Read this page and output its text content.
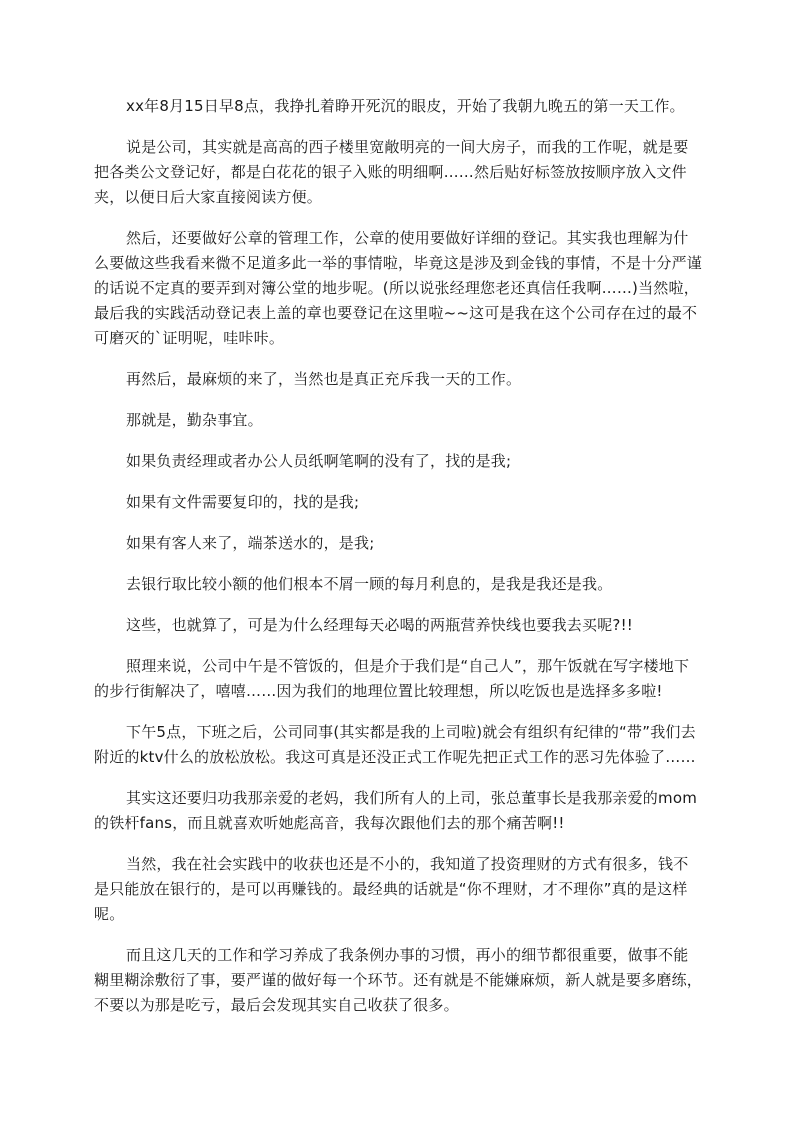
xx年8月15日早8点，我挣扎着睁开死沉的眼皮，开始了我朝九晚五的第一天工作。

说是公司，其实就是高高的西子楼里宽敞明亮的一间大房子，而我的工作呢，就是要把各类公文登记好，都是白花花的银子入账的明细啊……然后贴好标签放按顺序放入文件夹，以便日后大家直接阅读方便。

然后，还要做好公章的管理工作，公章的使用要做好详细的登记。其实我也理解为什么要做这些我看来微不足道多此一举的事情啦，毕竟这是涉及到金钱的事情，不是十分严谨的话说不定真的要弄到对簿公堂的地步呢。(所以说张经理您老还真信任我啊……)当然啦，最后我的实践活动登记表上盖的章也要登记在这里啦~~这可是我在这个公司存在过的最不可磨灭的`证明呢，哇咔咔。

再然后，最麻烦的来了，当然也是真正充斥我一天的工作。

那就是，勤杂事宜。

如果负责经理或者办公人员纸啊笔啊的没有了，找的是我;

如果有文件需要复印的，找的是我;

如果有客人来了，端茶送水的，是我;

去银行取比较小额的他们根本不屑一顾的每月利息的，是我是我还是我。

这些，也就算了，可是为什么经理每天必喝的两瓶营养快线也要我去买呢?!!

照理来说，公司中午是不管饭的，但是介于我们是“自己人”，那午饭就在写字楼地下的步行街解决了，嘻嘻……因为我们的地理位置比较理想，所以吃饭也是选择多多啦!

下午5点，下班之后，公司同事(其实都是我的上司啦)就会有组织有纪律的“带”我们去附近的ktv什么的放松放松。我这可真是还没正式工作呢先把正式工作的恶习先体验了……

其实这还要归功我那亲爱的老妈，我们所有人的上司，张总董事长是我那亲爱的mom的铁杆fans，而且就喜欢听她彪高音，我每次跟他们去的那个痛苦啊!!

当然，我在社会实践中的收获也还是不小的，我知道了投资理财的方式有很多，钱不是只能放在银行的，是可以再赚钱的。最经典的话就是“你不理财，才不理你”真的是这样呢。

而且这几天的工作和学习养成了我条例办事的习惯，再小的细节都很重要，做事不能糊里糊涂敷衍了事，要严谨的做好每一个环节。还有就是不能嫌麻烦，新人就是要多磨练，不要以为那是吃亏，最后会发现其实自己收获了很多。
